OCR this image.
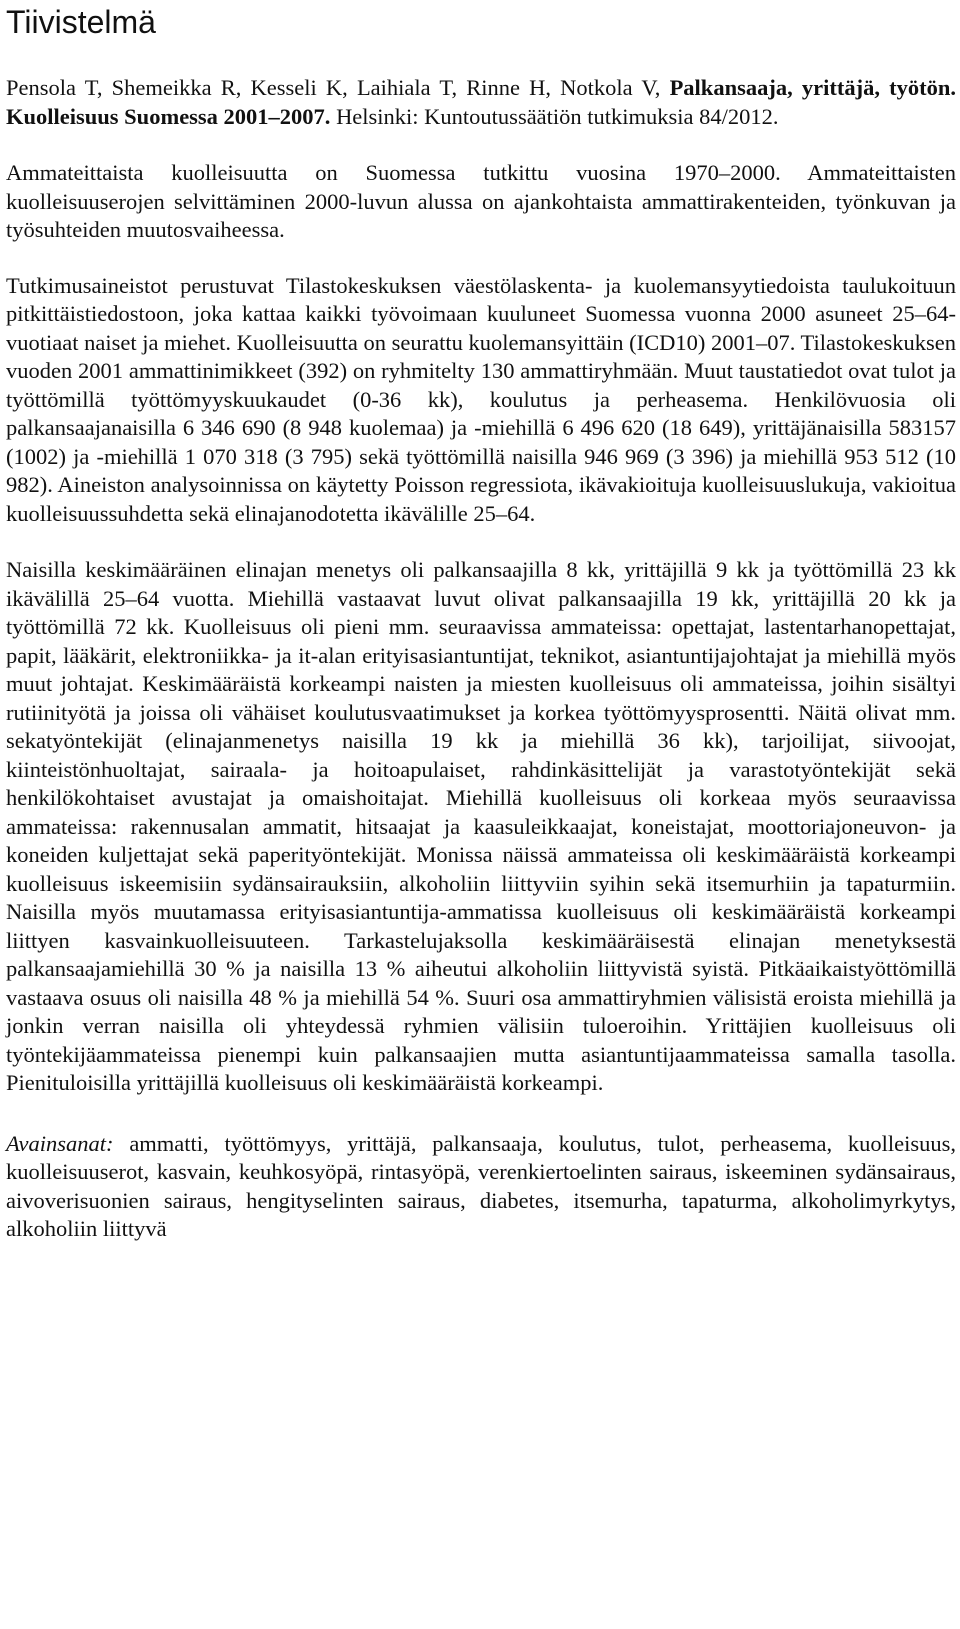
Tiivistelmä

Pensola T, Shemeikka R, Kesseli K, Laihiala T, Rinne H, Notkola V, Palkansaaja, yrittäjä, työtön. Kuolleisuus Suomessa 2001–2007. Helsinki: Kuntoutussäätiön tutkimuksia 84/2012.

Ammateittaista kuolleisuutta on Suomessa tutkittu vuosina 1970–2000. Ammateittaisten kuolleisuuserojen selvittäminen 2000-luvun alussa on ajankohtaista ammattirakenteiden, työnkuvan ja työsuhteiden muutosvaiheessa.

Tutkimusaineistot perustuvat Tilastokeskuksen väestölaskenta- ja kuolemansyytiedoista taulukoituun pitkittäistiedostoon, joka kattaa kaikki työvoimaan kuuluneet Suomessa vuonna 2000 asuneet 25–64-vuotiaat naiset ja miehet. Kuolleisuutta on seurattu kuolemansyittäin (ICD10) 2001–07. Tilastokeskuksen vuoden 2001 ammattinimikkeet (392) on ryhmitelty 130 ammattiryhmään. Muut taustatiedot ovat tulot ja työttömillä työttömyyskuukaudet (0-36 kk), koulutus ja perheasema. Henkilövuosia oli palkansaajanaisilla 6 346 690 (8 948 kuolemaa) ja -miehillä 6 496 620 (18 649), yrittäjänaisilla 583157 (1002) ja -miehillä 1 070 318 (3 795) sekä työttömillä naisilla 946 969 (3 396) ja miehillä 953 512 (10 982). Aineiston analysoinnissa on käytetty Poisson regressiota, ikävakioituja kuolleisuuslukuja, vakioitua kuolleisuussuhdetta sekä elinajanodotetta ikävälille 25–64.

Naisilla keskimääräinen elinajan menetys oli palkansaajilla 8 kk, yrittäjillä 9 kk ja työttömillä 23 kk ikävälillä 25–64 vuotta. Miehillä vastaavat luvut olivat palkansaajilla 19 kk, yrittäjillä 20 kk ja työttömillä 72 kk. Kuolleisuus oli pieni mm. seuraavissa ammateissa: opettajat, lastentarhanopettajat, papit, lääkärit, elektroniikka- ja it-alan erityisasiantuntijat, teknikot, asiantuntijajohtajat ja miehillä myös muut johtajat. Keskimääräistä korkeampi naisten ja miesten kuolleisuus oli ammateissa, joihin sisältyi rutiinityötä ja joissa oli vähäiset koulutusvaatimukset ja korkea työttömyysprosentti. Näitä olivat mm. sekatyöntekijät (elinajanmenetys naisilla 19 kk ja miehillä 36 kk), tarjoilijat, siivoojat, kiinteistönhuoltajat, sairaala- ja hoitoapulaiset, rahdinkäsittelijät ja varastotyöntekijät sekä henkilökohtaiset avustajat ja omaishoitajat. Miehillä kuolleisuus oli korkeaa myös seuraavissa ammateissa: rakennusalan ammatit, hitsaajat ja kaasuleikkaajat, koneistajat, moottoriajoneuvon- ja koneiden kuljettajat sekä paperityöntekijät. Monissa näissä ammateissa oli keskimääräistä korkeampi kuolleisuus iskeemisiin sydänsairauksiin, alkoholiin liittyviin syihin sekä itsemurhiin ja tapaturmiin. Naisilla myös muutamassa erityisasiantuntija-ammatissa kuolleisuus oli keskimääräistä korkeampi liittyen kasvainkuolleisuuteen. Tarkastelujaksolla keskimääräisestä elinajan menetyksestä palkansaajamiehillä 30 % ja naisilla 13 % aiheutui alkoholiin liittyvistä syistä. Pitkäaikaistyöttömillä vastaava osuus oli naisilla 48 % ja miehillä 54 %. Suuri osa ammattiryhmien välisistä eroista miehillä ja jonkin verran naisilla oli yhteydessä ryhmien välisiin tuloeroihin. Yrittäjien kuolleisuus oli työntekijäammateissa pienempi kuin palkansaajien mutta asiantuntijaammateissa samalla tasolla. Pienituloisilla yrittäjillä kuolleisuus oli keskimääräistä korkeampi.

Avainsanat: ammatti, työttömyys, yrittäjä, palkansaaja, koulutus, tulot, perheasema, kuolleisuus, kuolleisuuserot, kasvain, keuhkosyöpä, rintasyöpä, verenkiertoelinten sairaus, iskeeminen sydänsairaus, aivoverisuonien sairaus, hengityselinten sairaus, diabetes, itsemurha, tapaturma, alkoholimyrkytys, alkoholiin liittyvä
